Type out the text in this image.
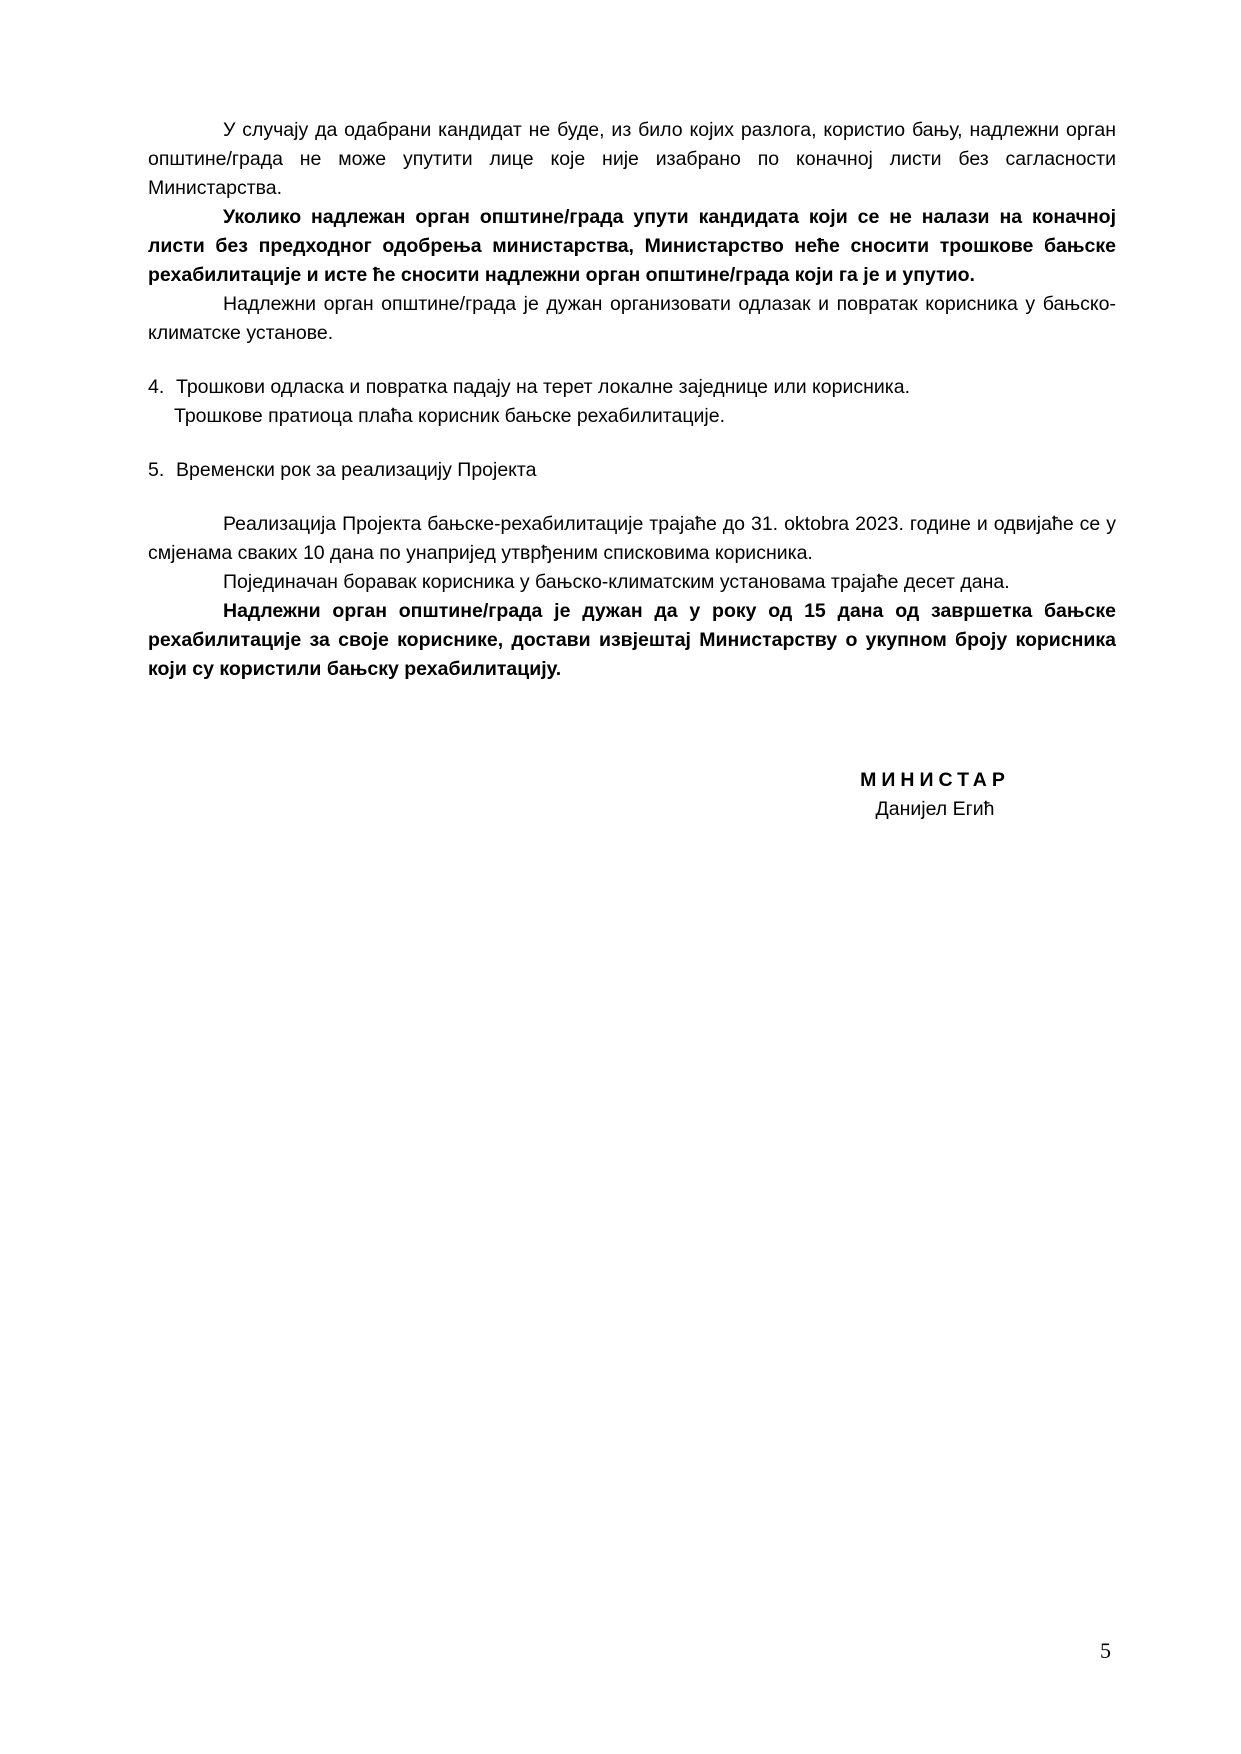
У случају да одабрани кандидат не буде, из било којих разлога, користио бању, надлежни орган општине/града не може упутити лице које није изабрано по коначној листи без сагласности Министарства.

Уколико надлежан орган општине/града упути кандидата који се не налази на коначној листи без предходног одобрења министарства, Министарство неће сносити трошкове бањске рехабилитације и исте ће сносити надлежни орган општине/града који га је и упутио.

Надлежни орган општине/града је дужан организовати одлазак и повратак корисника у бањско-климатске установе.

4. Трошкови одласка и повратка падају на терет локалне заједнице или корисника.

Трошкове пратиоца плаћа корисник бањске рехабилитације.

5. Временски рок за реализацију Пројекта

Реализација Пројекта бањске-рехабилитације трајаће до 31. oktobra 2023. године и одвијаће се у смјенама сваких 10 дана по унапријед утврђеним списковима корисника.

Појединачан боравак корисника у бањско-климатским установама трајаће десет дана.

Надлежни орган општине/града је дужан да у року од 15 дана од завршетка бањске рехабилитације за своје кориснике, достави извјештај Министарству о укупном броју корисника који су користили бањску рехабилитацију.

МИНИСТАР
Данијел Егић
5
